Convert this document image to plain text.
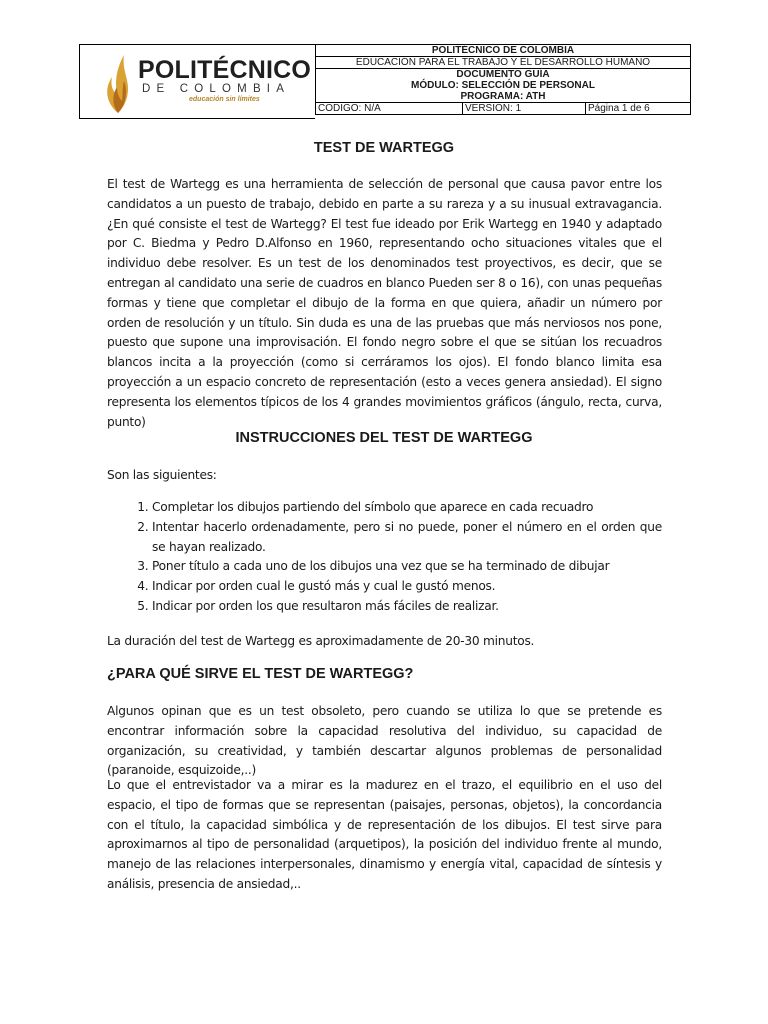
POLITÉCNICO
DE COLOMBIA
educación sin límites
POLITÉCNICO DE COLOMBIA
EDUCACIÓN PARA EL TRABAJO Y EL DESARROLLO HUMANO
DOCUMENTO GUÍA
MÓDULO: SELECCIÓN DE PERSONAL
PROGRAMA: ATH
CODIGO: N/A	VERSION: 1	Página 1 de 6
TEST DE WARTEGG
El test de Wartegg es una herramienta de selección de personal que causa pavor entre los candidatos a un puesto de trabajo, debido en parte a su rareza y a su inusual extravagancia. ¿En qué consiste el test de Wartegg? El test fue ideado por Erik Wartegg en 1940 y adaptado por C. Biedma y Pedro D.Alfonso en 1960, representando ocho situaciones vitales que el individuo debe resolver. Es un test de los denominados test proyectivos, es decir, que se entregan al candidato una serie de cuadros en blanco Pueden ser 8 o 16), con unas pequeñas formas y tiene que completar el dibujo de la forma en que quiera, añadir un número por orden de resolución y un título. Sin duda es una de las pruebas que más nerviosos nos pone, puesto que supone una improvisación. El fondo negro sobre el que se sitúan los recuadros blancos incita a la proyección (como si cerráramos los ojos). El fondo blanco limita esa proyección a un espacio concreto de representación (esto a veces genera ansiedad). El signo representa los elementos típicos de los 4 grandes movimientos gráficos (ángulo, recta, curva, punto)
INSTRUCCIONES DEL TEST DE WARTEGG
Son las siguientes:
1. Completar los dibujos partiendo del símbolo que aparece en cada recuadro
2. Intentar hacerlo ordenadamente, pero si no puede, poner el número en el orden que se hayan realizado.
3. Poner título a cada uno de los dibujos una vez que se ha terminado de dibujar
4. Indicar por orden cual le gustó más y cual le gustó menos.
5. Indicar por orden los que resultaron más fáciles de realizar.
La duración del test de Wartegg es aproximadamente de 20-30 minutos.
¿PARA QUÉ SIRVE EL TEST DE WARTEGG?
Algunos opinan que es un test obsoleto, pero cuando se utiliza lo que se pretende es encontrar información sobre la capacidad resolutiva del individuo, su capacidad de organización, su creatividad, y también descartar algunos problemas de personalidad (paranoide, esquizoide,..)
Lo que el entrevistador va a mirar es la madurez en el trazo, el equilibrio en el uso del espacio, el tipo de formas que se representan (paisajes, personas, objetos), la concordancia con el título, la capacidad simbólica y de representación de los dibujos. El test sirve para aproximarnos al tipo de personalidad (arquetipos), la posición del individuo frente al mundo, manejo de las relaciones interpersonales, dinamismo y energía vital, capacidad de síntesis y análisis, presencia de ansiedad,..
